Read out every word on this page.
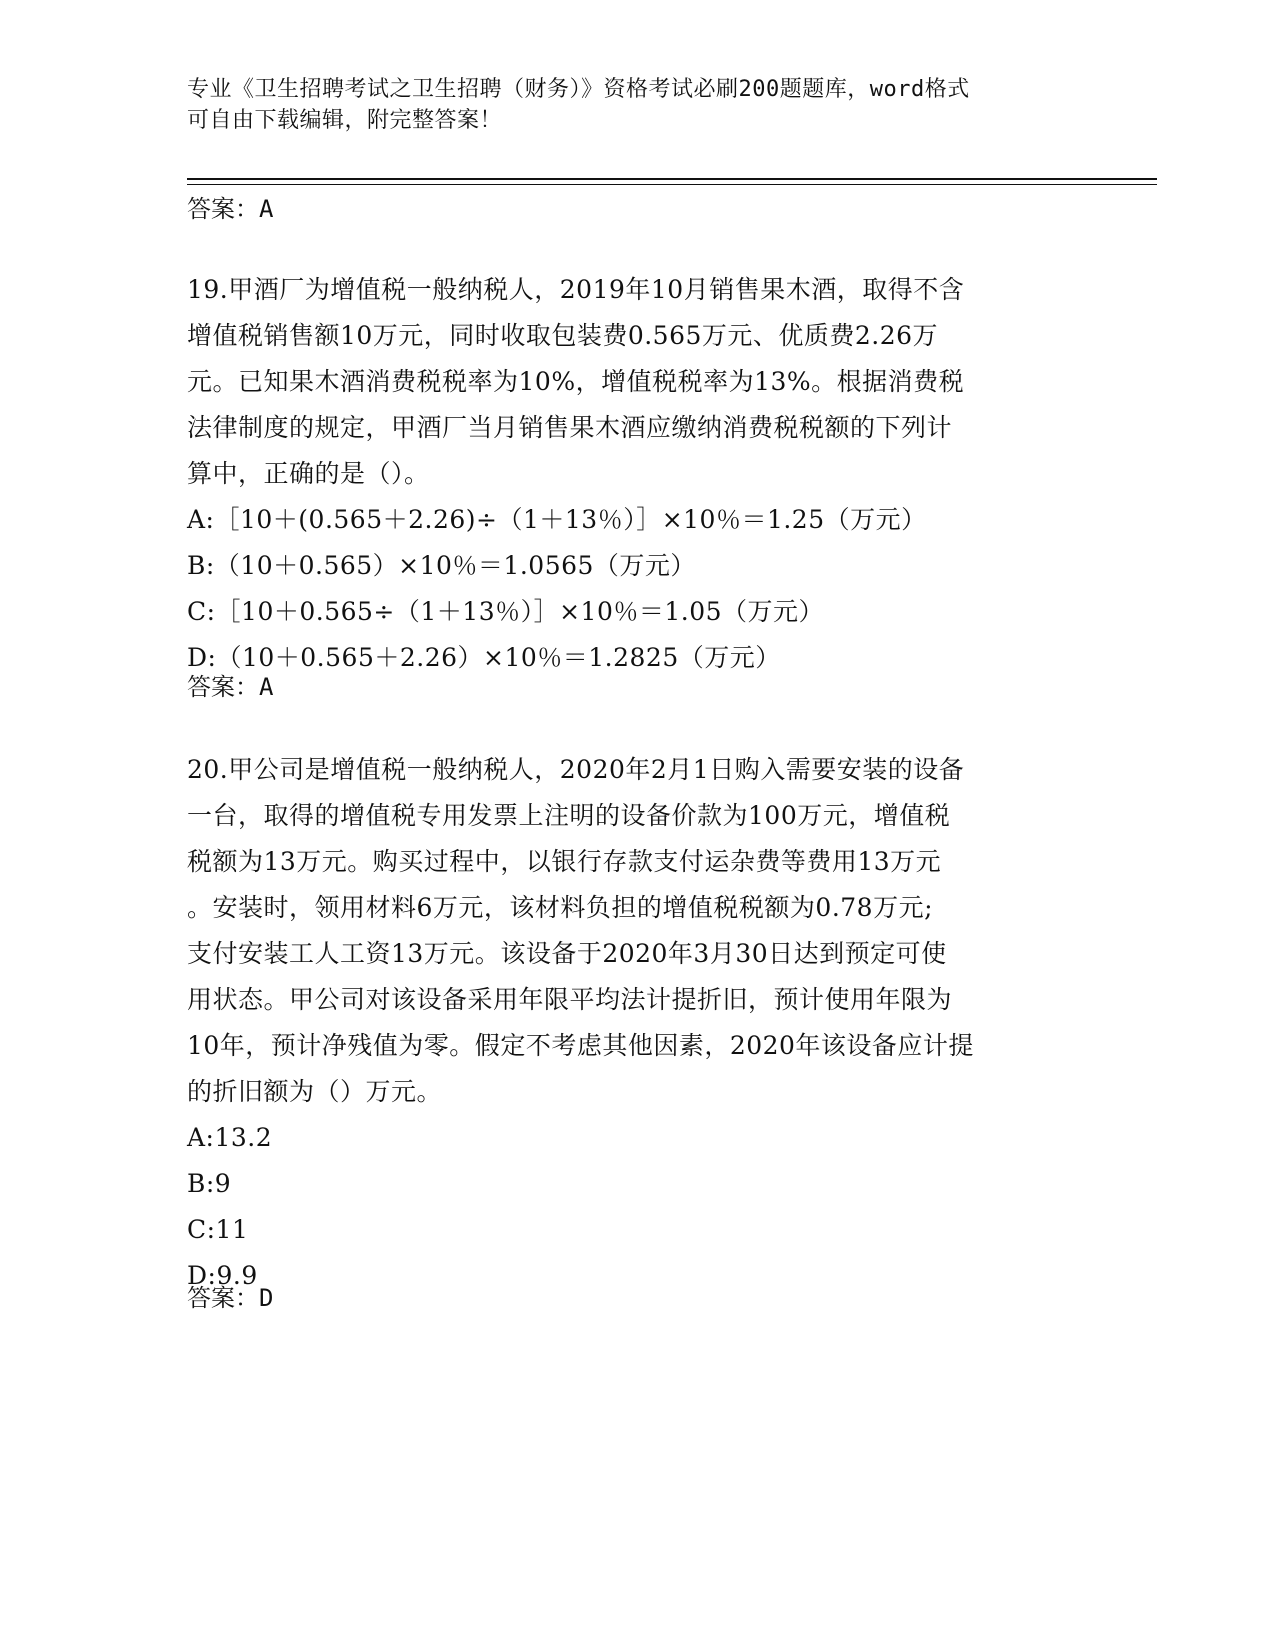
专业《卫生招聘考试之卫生招聘（财务）》资格考试必刷200题题库，word格式
可自由下载编辑，附完整答案！
答案：A
19.甲酒厂为增值税一般纳税人，2019年10月销售果木酒，取得不含
增值税销售额10万元，同时收取包装费0.565万元、优质费2.26万
元。已知果木酒消费税税率为10%，增值税税率为13%。根据消费税
法律制度的规定，甲酒厂当月销售果木酒应缴纳消费税税额的下列计
算中，正确的是（）。
A:［10＋(0.565＋2.26)÷（1＋13％）］×10％＝1.25（万元）
B:（10＋0.565）×10％＝1.0565（万元）
C:［10＋0.565÷（1＋13％）］×10％＝1.05（万元）
D:（10＋0.565＋2.26）×10％＝1.2825（万元）
答案：A
20.甲公司是增值税一般纳税人，2020年2月1日购入需要安装的设备
一台，取得的增值税专用发票上注明的设备价款为100万元，增值税
税额为13万元。购买过程中，以银行存款支付运杂费等费用13万元
。安装时，领用材料6万元，该材料负担的增值税税额为0.78万元;
支付安装工人工资13万元。该设备于2020年3月30日达到预定可使
用状态。甲公司对该设备采用年限平均法计提折旧，预计使用年限为
10年，预计净残值为零。假定不考虑其他因素，2020年该设备应计提
的折旧额为（）万元。
A:13.2
B:9
C:11
D:9.9
答案：D
